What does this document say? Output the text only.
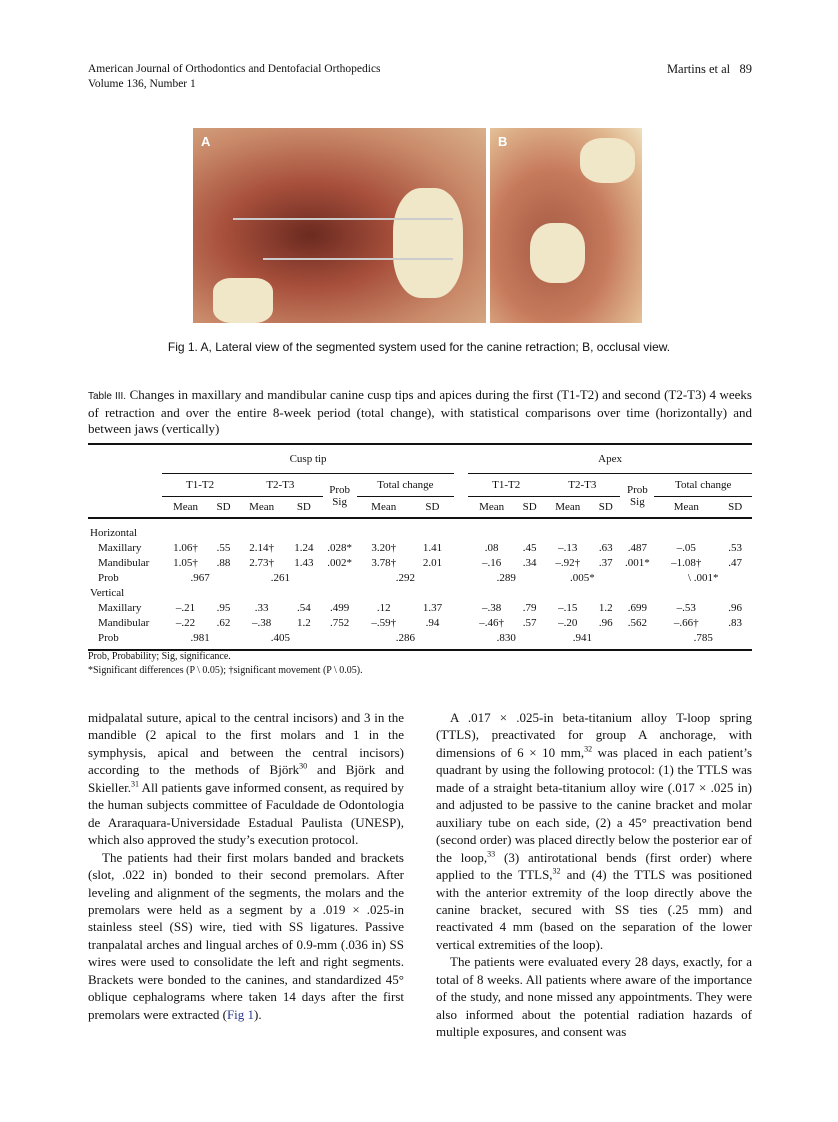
American Journal of Orthodontics and Dentofacial Orthopedics
Volume 136, Number 1
Martins et al 89
A	B
Fig 1. A, Lateral view of the segmented system used for the canine retraction; B, occlusal view.
Table III. Changes in maxillary and mandibular canine cusp tips and apices during the first (T1-T2) and second (T2-T3) 4 weeks of retraction and over the entire 8-week period (total change), with statistical comparisons over time (horizontally) and between jaws (vertically)
	Cusp tip								Apex						
	T1-T2		T2-T3		Prob Sig	Total change			T1-T2		T2-T3		Prob Sig	Total change	
	Mean	SD	Mean	SD		Mean	SD		Mean	SD	Mean	SD		Mean	SD
Horizontal															
Maxillary	1.06†	.55	2.14†	1.24	.028*	3.20†	1.41		.08	.45	–.13	.63	.487	–.05	.53
Mandibular	1.05†	.88	2.73†	1.43	.002*	3.78†	2.01		–.16	.34	–.92†	.37	.001*	–1.08†	.47
Prob	.967		.261			.292			.289		.005*			\ .001*	
Vertical															
Maxillary	–.21	.95	.33	.54	.499	.12	1.37		–.38	.79	–.15	1.2	.699	–.53	.96
Mandibular	–.22	.62	–.38	1.2	.752	–.59†	.94		–.46†	.57	–.20	.96	.562	–.66†	.83
Prob	.981		.405			.286			.830		.941			.785	
Prob, Probability; Sig, significance.
*Significant differences (P \ 0.05); †significant movement (P \ 0.05).

midpalatal suture, apical to the central incisors) and 3 in the mandible (2 apical to the first molars and 1 in the symphysis, apical and between the central incisors) according to the methods of Björk$^{30}$ and Björk and Skieller.$^{31}$ All patients gave informed consent, as required by the human subjects committee of Faculdade de Odontologia de Araraquara-Universidade Estadual Paulista (UNESP), which also approved the study’s execution protocol.

The patients had their first molars banded and brackets (slot, .022 in) bonded to their second premolars. After leveling and alignment of the segments, the molars and the premolars were held as a segment by a .019 × .025-in stainless steel (SS) wire, tied with SS ligatures. Passive tranpalatal arches and lingual arches of 0.9-mm (.036 in) SS wires were used to consolidate the left and right segments. Brackets were bonded to the canines, and standardized 45° oblique cephalograms where taken 14 days after the first premolars were extracted (Fig 1).

A .017 × .025-in beta-titanium alloy T-loop spring (TTLS), preactivated for group A anchorage, with dimensions of 6 × 10 mm,$^{32}$ was placed in each patient’s quadrant by using the following protocol: (1) the TTLS was made of a straight beta-titanium alloy wire (.017 × .025 in) and adjusted to be passive to the canine bracket and molar auxiliary tube on each side, (2) a 45° preactivation bend (second order) was placed directly below the posterior ear of the loop,$^{33}$ (3) antirotational bends (first order) where applied to the TTLS,$^{32}$ and (4) the TTLS was positioned with the anterior extremity of the loop directly above the canine bracket, secured with SS ties (.25 mm) and reactivated 4 mm (based on the separation of the lower vertical extremities of the loop).

The patients were evaluated every 28 days, exactly, for a total of 8 weeks. All patients where aware of the importance of the study, and none missed any appointments. They were also informed about the potential radiation hazards of multiple exposures, and consent was
